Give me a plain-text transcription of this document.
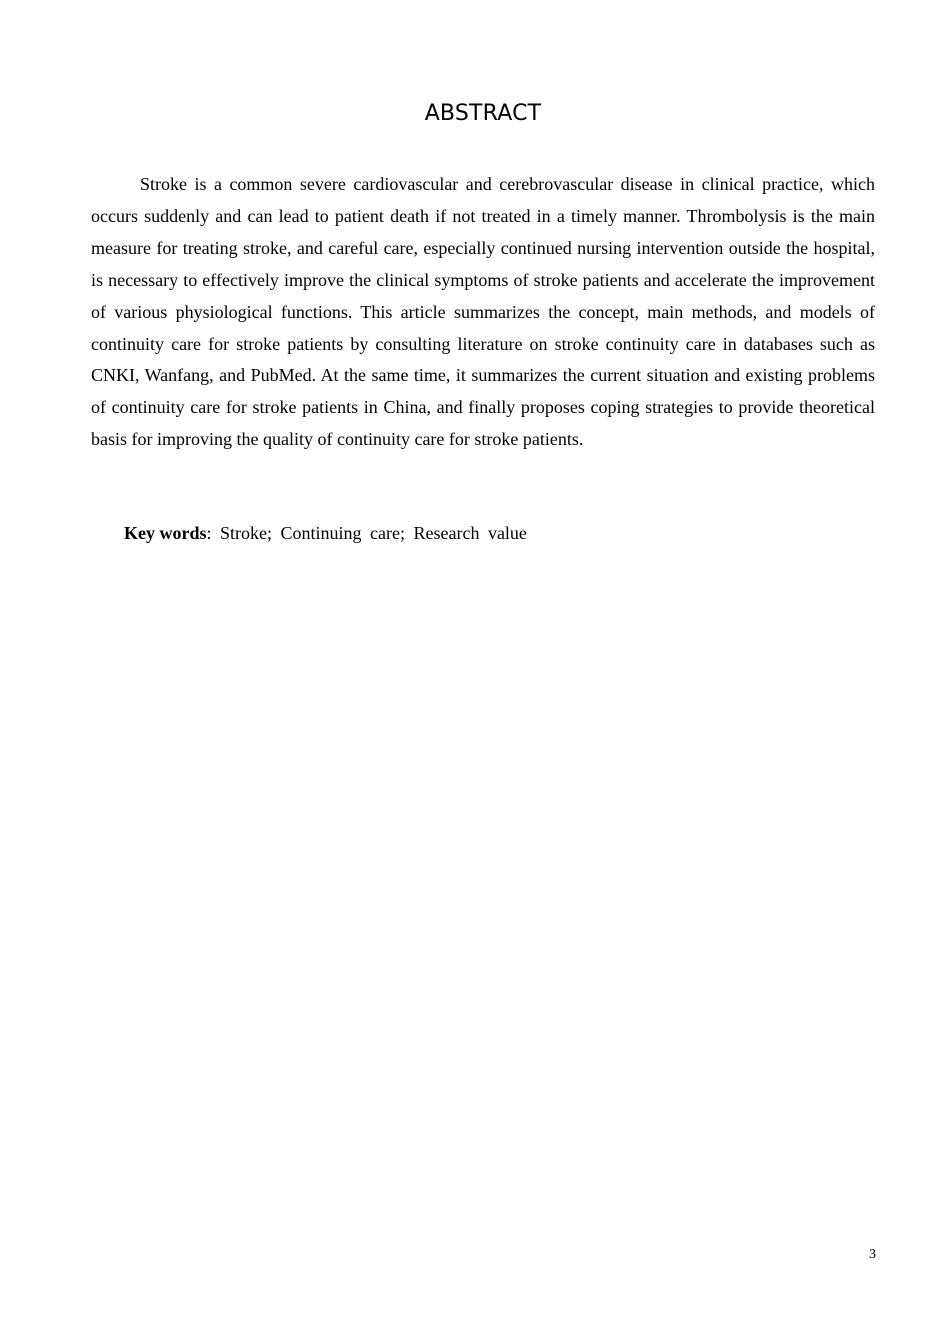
ABSTRACT

Stroke is a common severe cardiovascular and cerebrovascular disease in clinical practice, which occurs suddenly and can lead to patient death if not treated in a timely manner. Thrombolysis is the main measure for treating stroke, and careful care, especially continued nursing intervention outside the hospital, is necessary to effectively improve the clinical symptoms of stroke patients and accelerate the improvement of various physiological functions. This article summarizes the concept, main methods, and models of continuity care for stroke patients by consulting literature on stroke continuity care in databases such as CNKI, Wanfang, and PubMed. At the same time, it summarizes the current situation and existing problems of continuity care for stroke patients in China, and finally proposes coping strategies to provide theoretical basis for improving the quality of continuity care for stroke patients.

Key words: Stroke; Continuing care; Research value

3
